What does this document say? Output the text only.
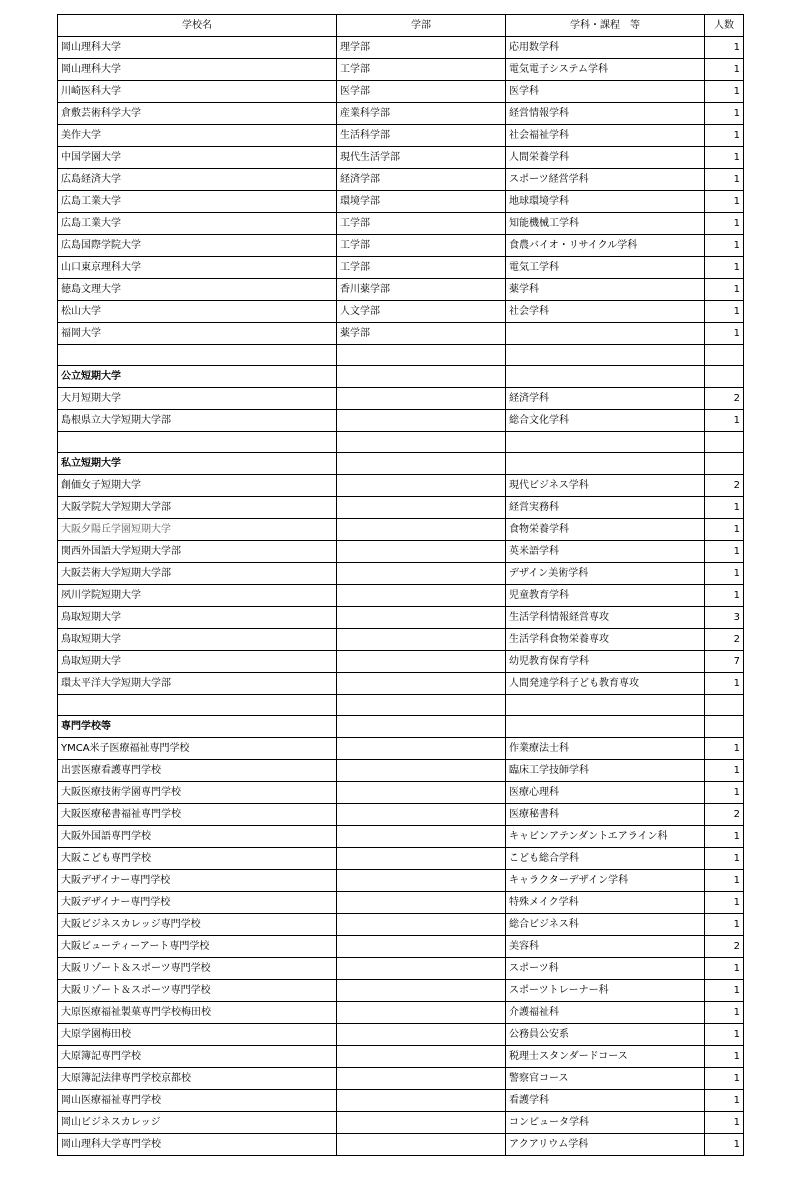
学校名	学部	学科・課程　等	人数
岡山理科大学	理学部	応用数学科	1
岡山理科大学	工学部	電気電子システム学科	1
川崎医科大学	医学部	医学科	1
倉敷芸術科学大学	産業科学部	経営情報学科	1
美作大学	生活科学部	社会福祉学科	1
中国学園大学	現代生活学部	人間栄養学科	1
広島経済大学	経済学部	スポーツ経営学科	1
広島工業大学	環境学部	地球環境学科	1
広島工業大学	工学部	知能機械工学科	1
広島国際学院大学	工学部	食農バイオ・リサイクル学科	1
山口東京理科大学	工学部	電気工学科	1
徳島文理大学	香川薬学部	薬学科	1
松山大学	人文学部	社会学科	1
福岡大学	薬学部		1

公立短期大学			
大月短期大学		経済学科	2
島根県立大学短期大学部		総合文化学科	1

私立短期大学			
創価女子短期大学		現代ビジネス学科	2
大阪学院大学短期大学部		経営実務科	1
大阪夕陽丘学園短期大学		食物栄養学科	1
関西外国語大学短期大学部		英米語学科	1
大阪芸術大学短期大学部		デザイン美術学科	1
夙川学院短期大学		児童教育学科	1
鳥取短期大学		生活学科情報経営専攻	3
鳥取短期大学		生活学科食物栄養専攻	2
鳥取短期大学		幼児教育保育学科	7
環太平洋大学短期大学部		人間発達学科子ども教育専攻	1

専門学校等			
YMCA米子医療福祉専門学校		作業療法士科	1
出雲医療看護専門学校		臨床工学技師学科	1
大阪医療技術学園専門学校		医療心理科	1
大阪医療秘書福祉専門学校		医療秘書科	2
大阪外国語専門学校		キャビンアテンダントエアライン科	1
大阪こども専門学校		こども総合学科	1
大阪デザイナー専門学校		キャラクターデザイン学科	1
大阪デザイナー専門学校		特殊メイク学科	1
大阪ビジネスカレッジ専門学校		総合ビジネス科	1
大阪ビューティーアート専門学校		美容科	2
大阪リゾート＆スポーツ専門学校		スポーツ科	1
大阪リゾート＆スポーツ専門学校		スポーツトレーナー科	1
大原医療福祉製菓専門学校梅田校		介護福祉科	1
大原学園梅田校		公務員公安系	1
大原簿記専門学校		税理士スタンダードコース	1
大原簿記法律専門学校京都校		警察官コース	1
岡山医療福祉専門学校		看護学科	1
岡山ビジネスカレッジ		コンピュータ学科	1
岡山理科大学専門学校		アクアリウム学科	1
